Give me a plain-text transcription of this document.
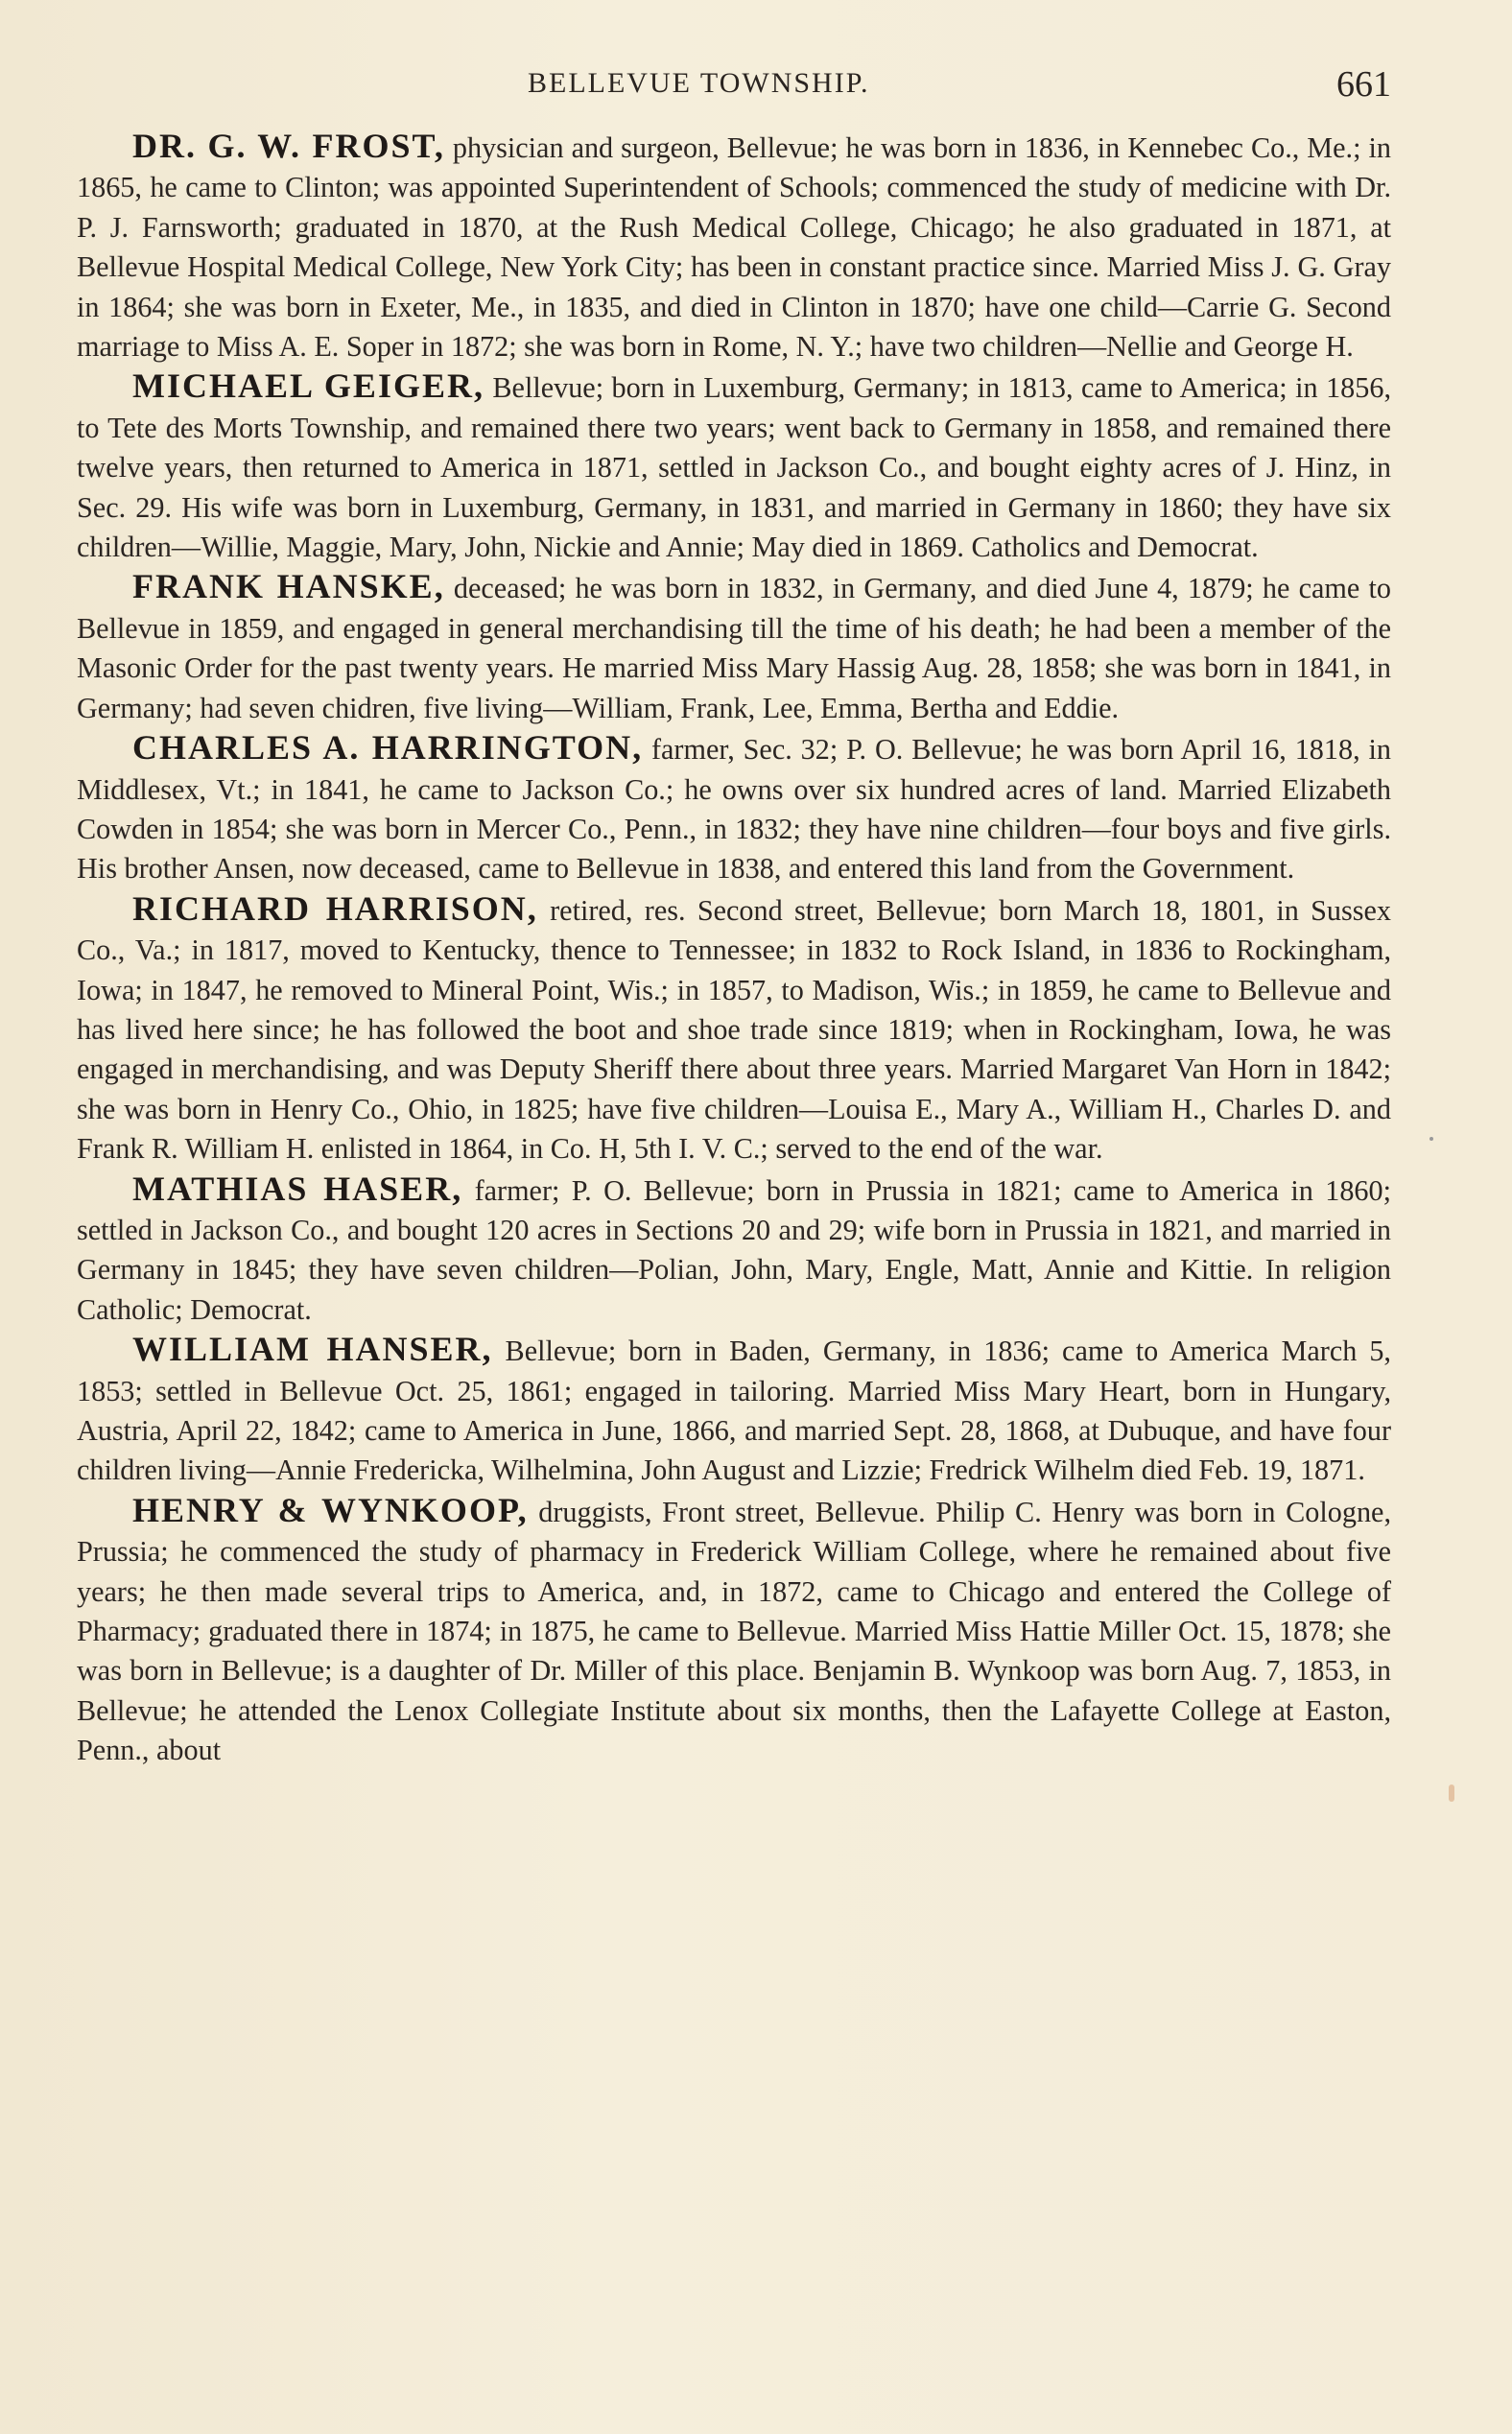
BELLEVUE TOWNSHIP.	661

DR. G. W. FROST, physician and surgeon, Bellevue; he was born in 1836, in Kennebec Co., Me.; in 1865, he came to Clinton; was appointed Superintendent of Schools; commenced the study of medicine with Dr. P. J. Farnsworth; graduated in 1870, at the Rush Medical College, Chicago; he also graduated in 1871, at Bellevue Hospital Medical College, New York City; has been in constant practice since. Married Miss J. G. Gray in 1864; she was born in Exeter, Me., in 1835, and died in Clinton in 1870; have one child—Carrie G. Second marriage to Miss A. E. Soper in 1872; she was born in Rome, N. Y.; have two children—Nellie and George H.

MICHAEL GEIGER, Bellevue; born in Luxemburg, Germany; in 1813, came to America; in 1856, to Tete des Morts Township, and remained there two years; went back to Germany in 1858, and remained there twelve years, then returned to America in 1871, settled in Jackson Co., and bought eighty acres of J. Hinz, in Sec. 29. His wife was born in Luxemburg, Germany, in 1831, and married in Germany in 1860; they have six children—Willie, Maggie, Mary, John, Nickie and Annie; May died in 1869. Catholics and Democrat.

FRANK HANSKE, deceased; he was born in 1832, in Germany, and died June 4, 1879; he came to Bellevue in 1859, and engaged in general merchandising till the time of his death; he had been a member of the Masonic Order for the past twenty years. He married Miss Mary Hassig Aug. 28, 1858; she was born in 1841, in Germany; had seven chidren, five living—William, Frank, Lee, Emma, Bertha and Eddie.

CHARLES A. HARRINGTON, farmer, Sec. 32; P. O. Bellevue; he was born April 16, 1818, in Middlesex, Vt.; in 1841, he came to Jackson Co.; he owns over six hundred acres of land. Married Elizabeth Cowden in 1854; she was born in Mercer Co., Penn., in 1832; they have nine children—four boys and five girls. His brother Ansen, now deceased, came to Bellevue in 1838, and entered this land from the Government.

RICHARD HARRISON, retired, res. Second street, Bellevue; born March 18, 1801, in Sussex Co., Va.; in 1817, moved to Kentucky, thence to Tennessee; in 1832 to Rock Island, in 1836 to Rockingham, Iowa; in 1847, he removed to Mineral Point, Wis.; in 1857, to Madison, Wis.; in 1859, he came to Bellevue and has lived here since; he has followed the boot and shoe trade since 1819; when in Rockingham, Iowa, he was engaged in merchandising, and was Deputy Sheriff there about three years. Married Margaret Van Horn in 1842; she was born in Henry Co., Ohio, in 1825; have five children—Louisa E., Mary A., William H., Charles D. and Frank R. William H. enlisted in 1864, in Co. H, 5th I. V. C.; served to the end of the war.

MATHIAS HASER, farmer; P. O. Bellevue; born in Prussia in 1821; came to America in 1860; settled in Jackson Co., and bought 120 acres in Sections 20 and 29; wife born in Prussia in 1821, and married in Germany in 1845; they have seven children—Polian, John, Mary, Engle, Matt, Annie and Kittie. In religion Catholic; Democrat.

WILLIAM HANSER, Bellevue; born in Baden, Germany, in 1836; came to America March 5, 1853; settled in Bellevue Oct. 25, 1861; engaged in tailoring. Married Miss Mary Heart, born in Hungary, Austria, April 22, 1842; came to America in June, 1866, and married Sept. 28, 1868, at Dubuque, and have four children living—Annie Fredericka, Wilhelmina, John August and Lizzie; Fredrick Wilhelm died Feb. 19, 1871.

HENRY & WYNKOOP, druggists, Front street, Bellevue. Philip C. Henry was born in Cologne, Prussia; he commenced the study of pharmacy in Frederick William College, where he remained about five years; he then made several trips to America, and, in 1872, came to Chicago and entered the College of Pharmacy; graduated there in 1874; in 1875, he came to Bellevue. Married Miss Hattie Miller Oct. 15, 1878; she was born in Bellevue; is a daughter of Dr. Miller of this place. Benjamin B. Wynkoop was born Aug. 7, 1853, in Bellevue; he attended the Lenox Collegiate Institute about six months, then the Lafayette College at Easton, Penn., about
